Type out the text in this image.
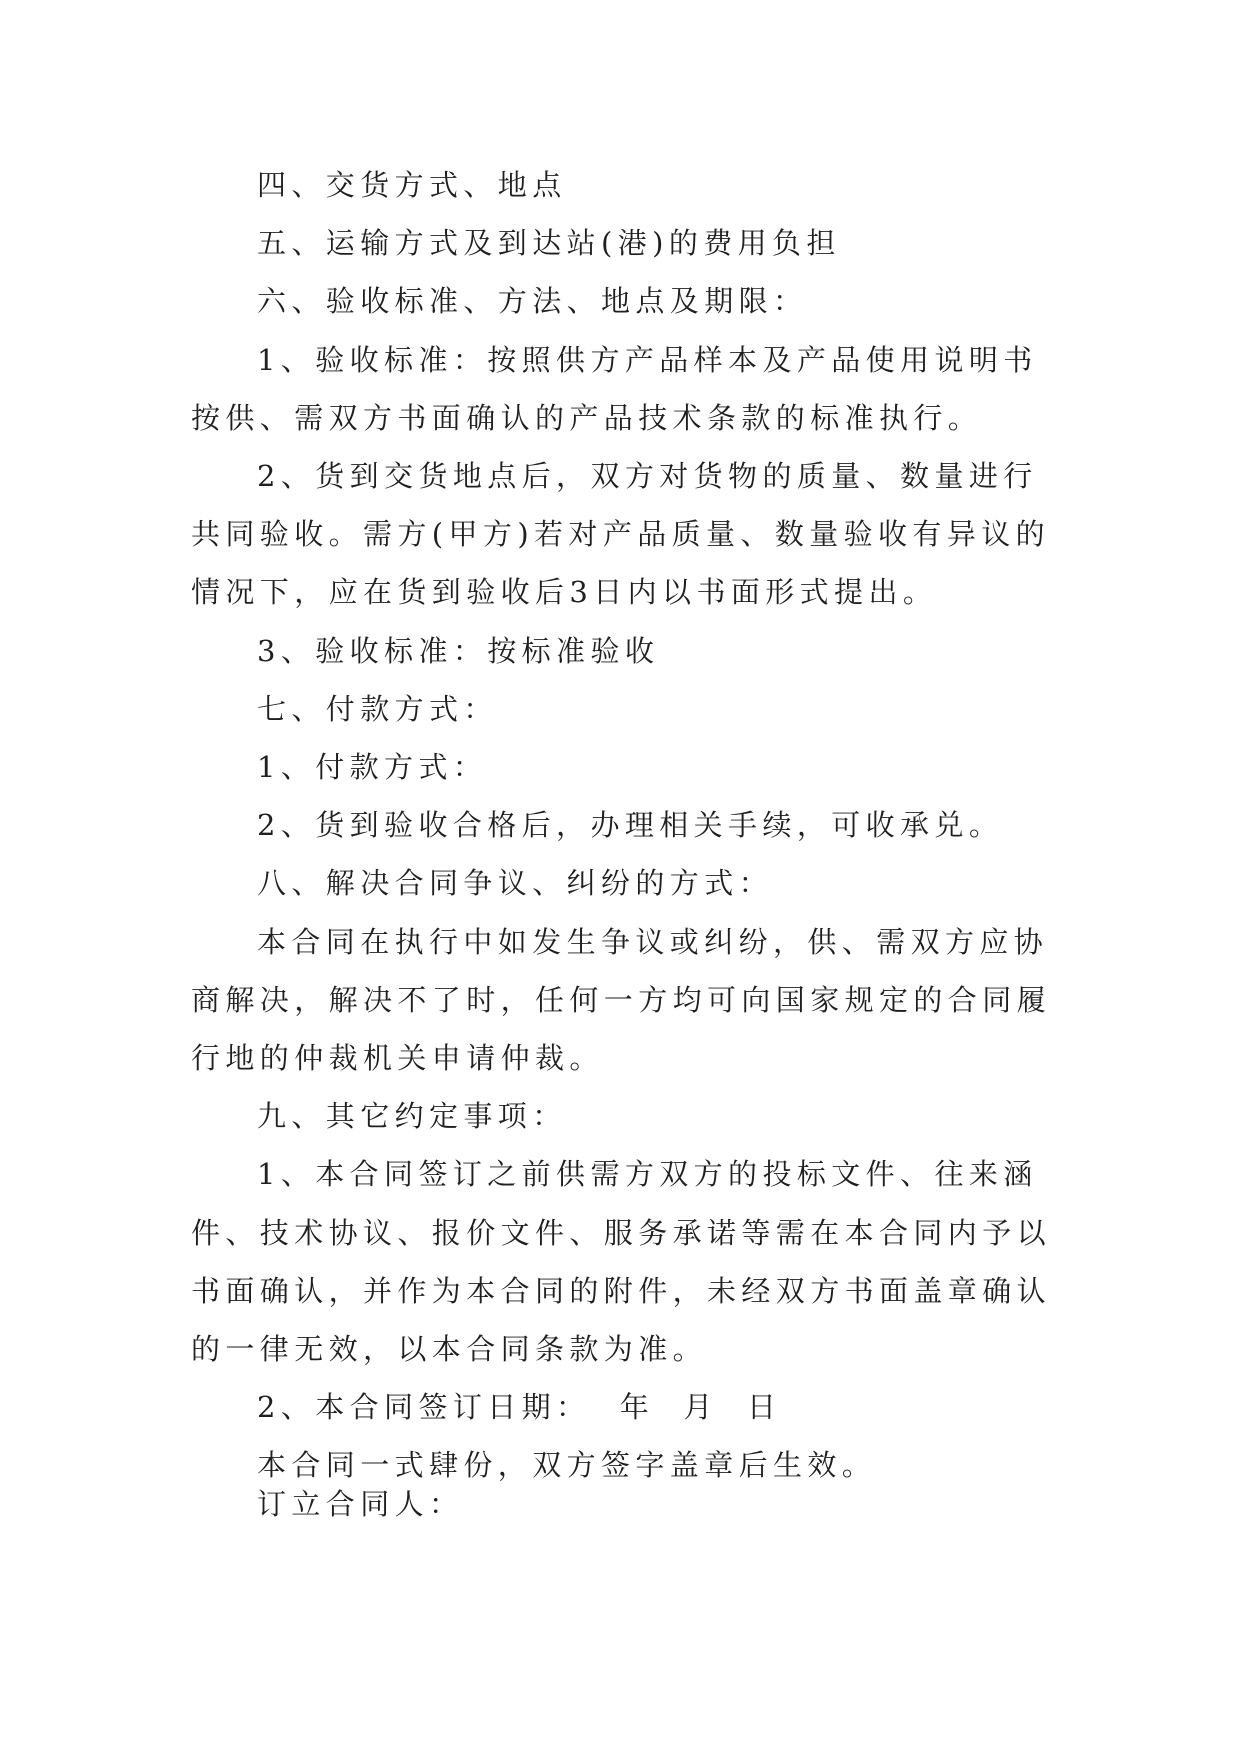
四、交货方式、地点

五、运输方式及到达站(港)的费用负担

六、验收标准、方法、地点及期限：

1、验收标准：按照供方产品样本及产品使用说明书按供、需双方书面确认的产品技术条款的标准执行。

2、货到交货地点后，双方对货物的质量、数量进行共同验收。需方(甲方)若对产品质量、数量验收有异议的情况下，应在货到验收后3日内以书面形式提出。

3、验收标准：按标准验收

七、付款方式：

1、付款方式：

2、货到验收合格后，办理相关手续，可收承兑。

八、解决合同争议、纠纷的方式：

本合同在执行中如发生争议或纠纷，供、需双方应协商解决，解决不了时，任何一方均可向国家规定的合同履行地的仲裁机关申请仲裁。

九、其它约定事项：

1、本合同签订之前供需方双方的投标文件、往来涵件、技术协议、报价文件、服务承诺等需在本合同内予以书面确认，并作为本合同的附件，未经双方书面盖章确认的一律无效，以本合同条款为准。

2、本合同签订日期：  年  月  日

本合同一式肆份，双方签字盖章后生效。

订立合同人：
